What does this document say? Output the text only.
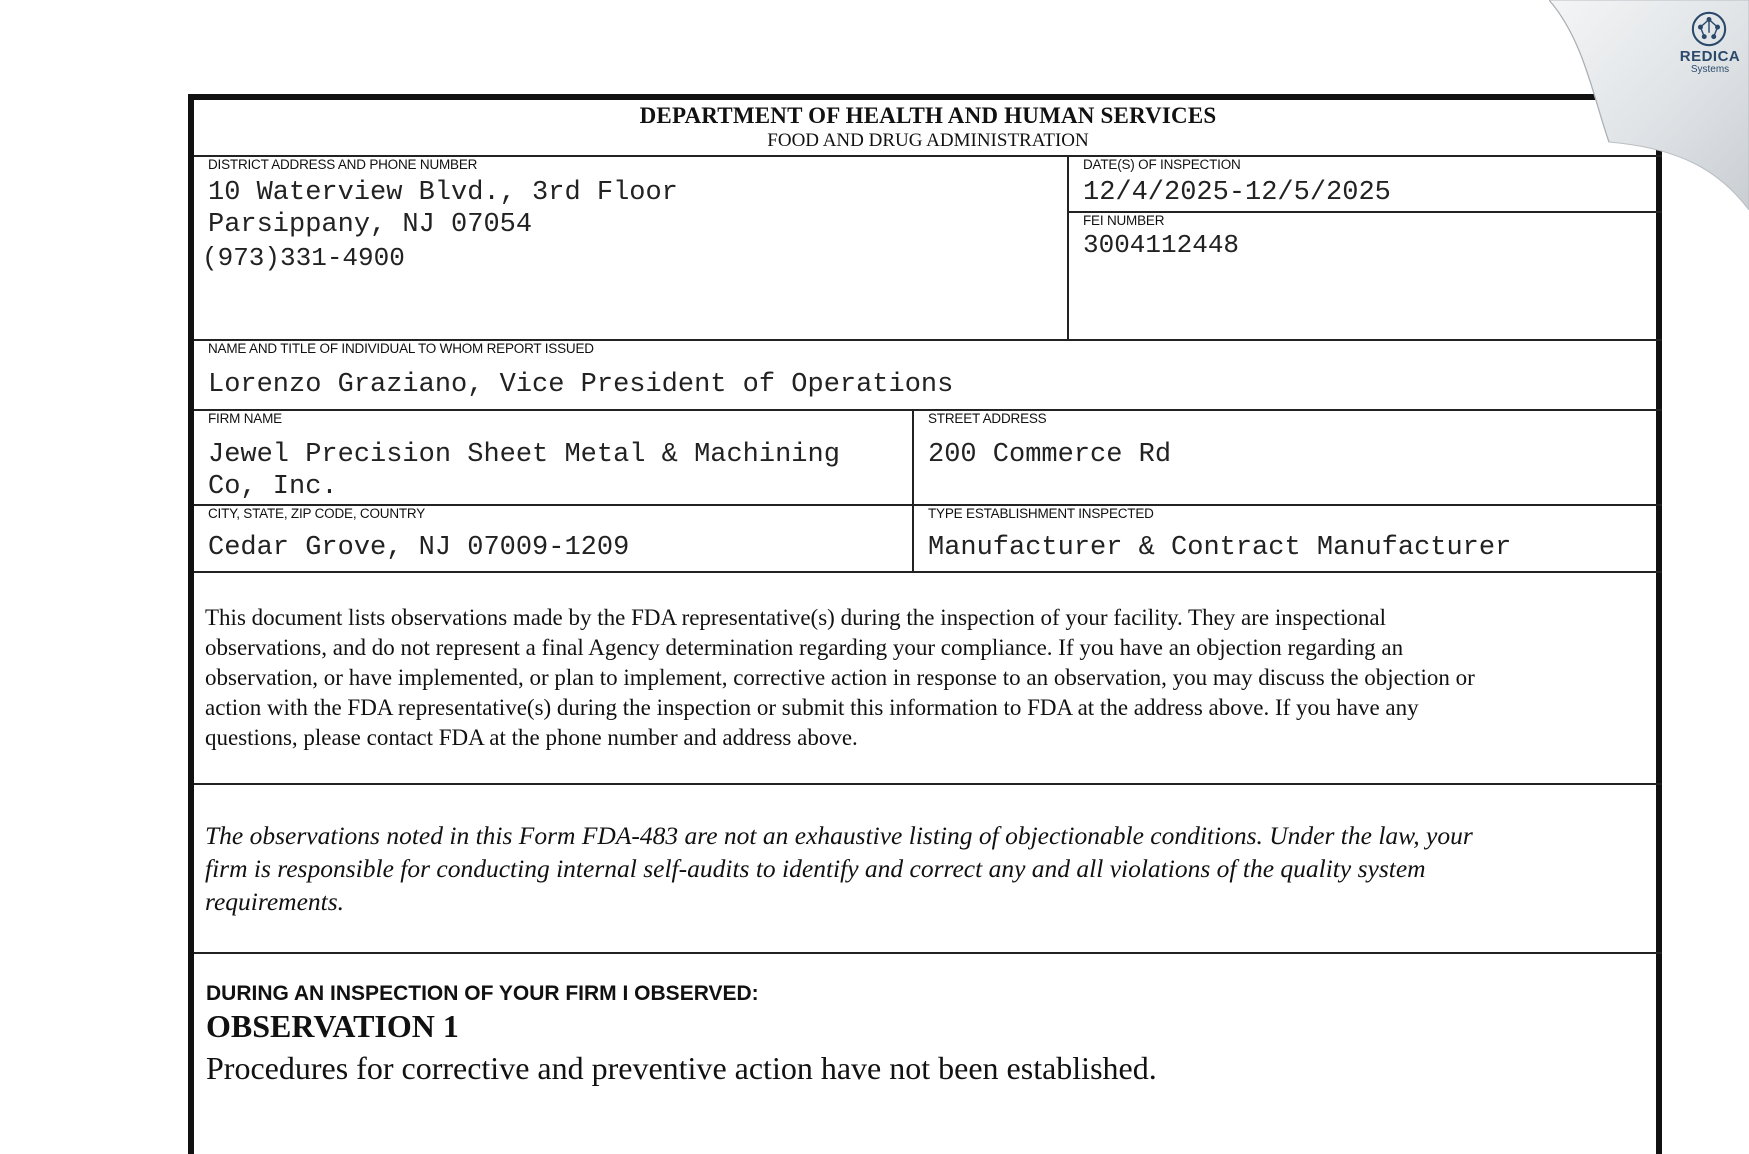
DEPARTMENT OF HEALTH AND HUMAN SERVICES
FOOD AND DRUG ADMINISTRATION
DISTRICT ADDRESS AND PHONE NUMBER
10 Waterview Blvd., 3rd Floor
Parsippany, NJ 07054
(973)331-4900
DATE(S) OF INSPECTION
12/4/2025-12/5/2025
FEI NUMBER
3004112448
NAME AND TITLE OF INDIVIDUAL TO WHOM REPORT ISSUED
Lorenzo Graziano, Vice President of Operations
FIRM NAME
Jewel Precision Sheet Metal & Machining
Co, Inc.
STREET ADDRESS
200 Commerce Rd
CITY, STATE, ZIP CODE, COUNTRY
Cedar Grove, NJ 07009-1209
TYPE ESTABLISHMENT INSPECTED
Manufacturer & Contract Manufacturer
This document lists observations made by the FDA representative(s) during the inspection of your facility. They are inspectional
observations, and do not represent a final Agency determination regarding your compliance. If you have an objection regarding an
observation, or have implemented, or plan to implement, corrective action in response to an observation, you may discuss the objection or
action with the FDA representative(s) during the inspection or submit this information to FDA at the address above. If you have any
questions, please contact FDA at the phone number and address above.
The observations noted in this Form FDA-483 are not an exhaustive listing of objectionable conditions. Under the law, your
firm is responsible for conducting internal self-audits to identify and correct any and all violations of the quality system
requirements.
DURING AN INSPECTION OF YOUR FIRM I OBSERVED:
OBSERVATION 1
Procedures for corrective and preventive action have not been established.
REDICA
Systems
